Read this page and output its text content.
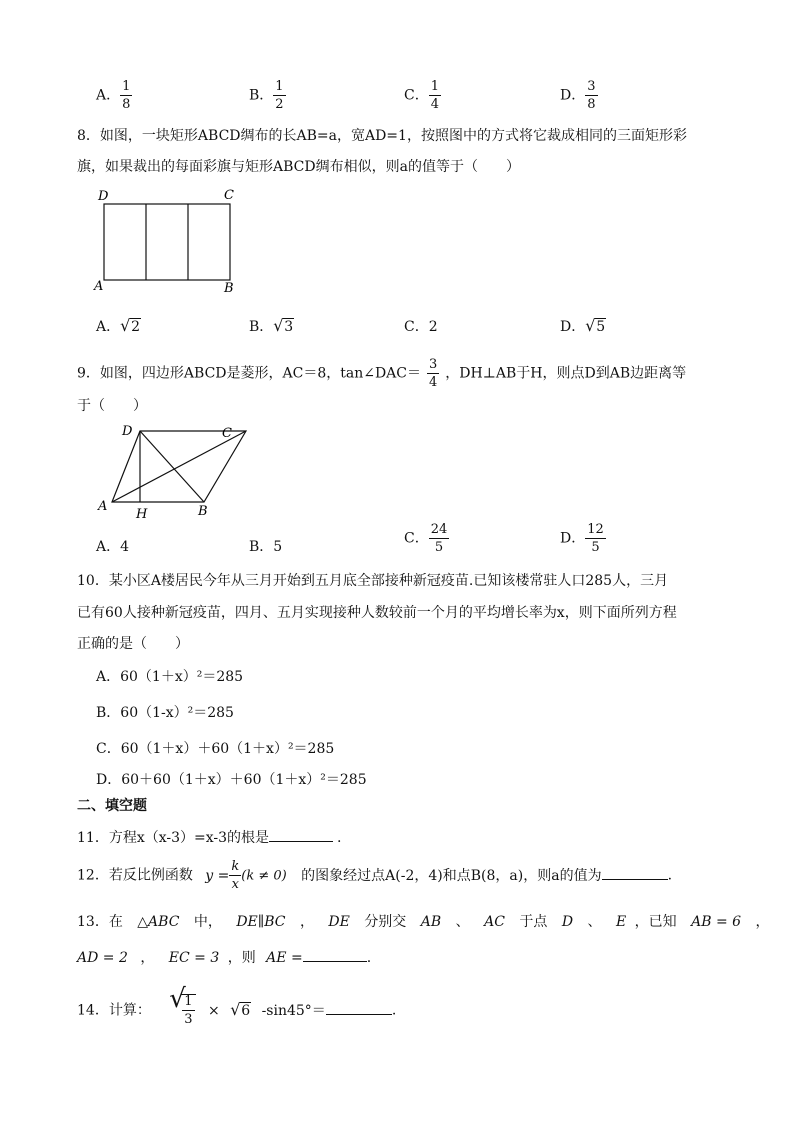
A． $\frac{1}{8}$	B． $\frac{1}{2}$	C． $\frac{1}{4}$	D． $\frac{3}{8}$
8．如图，一块矩形ABCD绸布的长AB=a，宽AD=1，按照图中的方式将它裁成相同的三面矩形彩
旗，如果裁出的每面彩旗与矩形ABCD绸布相似，则a的值等于（　　）
D	C
A	B
A． √ 2	B． √ 3	C．2	D． √ 5
9．如图，四边形ABCD是菱形，AC＝8，tan∠DAC＝ $\frac{3}{4}$ ，DH⊥AB于H，则点D到AB边距离等
于（　　）
D	C
A
H	B
A．4	B．5
C． $\frac{24}{5}$	D． $\frac{12}{5}$
10．某小区A楼居民今年从三月开始到五月底全部接种新冠疫苗.已知该楼常驻人口285人，三月
已有60人接种新冠疫苗，四月、五月实现接种人数较前一个月的平均增长率为x，则下面所列方程
正确的是（　　）
A．60（1＋x）²＝285
B．60（1-x）²＝285
C．60（1＋x）＋60（1＋x）²＝285
D．60＋60（1＋x）＋60（1＋x）²＝285
二、填空题
11．方程x（x-3）=x-3的根是	.
12．若反比例函数 $y = \frac{k}{x} (k \ne 0)$ 的图象经过点A(-2，4)和点B(8，a)，则a的值为	.
13．在 △ABC 中， DE∥BC ， DE 分别交 AB 、 AC 于点 D 、 E ，已知 AB = 6 ，
AD = 2 ， EC = 3 ，则 AE =	.
14．计算： √
$\frac{1}{3}$ × √ 6 -sin45°＝	.
